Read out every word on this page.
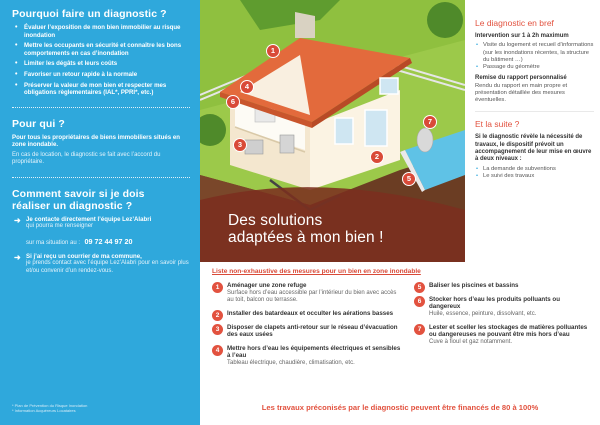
Pourquoi faire un diagnostic ?
• Évaluer l’exposition de mon bien immobilier au risque inondation
• Mettre les occupants en sécurité et connaître les bons comportements en cas d’inondation
• Limiter les dégâts et leurs coûts
• Favoriser un retour rapide à la normale
• Préserver la valeur de mon bien et respecter mes obligations règlementaires (IAL*, PPRI*, etc.)
Pour qui ?
Pour tous les propriétaires de biens immobiliers situés en zone inondable.
En cas de location, le diagnostic se fait avec l’accord du propriétaire.
Comment savoir si je dois
réaliser un diagnostic ?
➜ Je contacte directement l’équipe Lez’Alabri
qui pourra me renseigner
sur ma situation au : 09 72 44 97 20
➜ Si j’ai reçu un courrier de ma commune,
je prends contact avec l’équipe Lez’Alabri pour en savoir plus et/ou convenir d’un rendez-vous.
* Plan de Prévention du Risque Inondation
* Information Acquéreurs Locataires
1
2
3
4
5
6
7
Des solutions
adaptées à mon bien !
Le diagnostic en bref
Intervention sur 1 à 2h maximum
• Visite du logement et recueil d’informations (sur les inondations récentes, la structure du bâtiment …)
• Passage du géomètre
Remise du rapport personnalisé
Rendu du rapport en main propre et présentation détaillée des mesures éventuelles.
Et la suite ?
Si le diagnostic révèle la nécessité de travaux, le dispositif prévoit un accompagnement de leur mise en œuvre à deux niveaux :
• La demande de subventions
• Le suivi des travaux
Liste non-exhaustive des mesures pour un bien en zone inondable
1	Aménager une zone refuge
Surface hors d’eau accessible par l’intérieur du bien avec accès au toit, balcon ou terrasse.
2	Installer des batardeaux et occulter les aérations basses
3	Disposer de clapets anti-retour sur le réseau d’évacuation des eaux usées
4	Mettre hors d’eau les équipements électriques et sensibles à l’eau
Tableau électrique, chaudière, climatisation, etc.
5	Baliser les piscines et bassins
6	Stocker hors d’eau les produits polluants ou dangereux
Huile, essence, peinture, dissolvant, etc.
7	Lester et sceller les stockages de matières polluantes ou dangereuses ne pouvant être mis hors d’eau
Cuve à fioul et gaz notamment.
Les travaux préconisés par le diagnostic peuvent être financés de 80 à 100%
